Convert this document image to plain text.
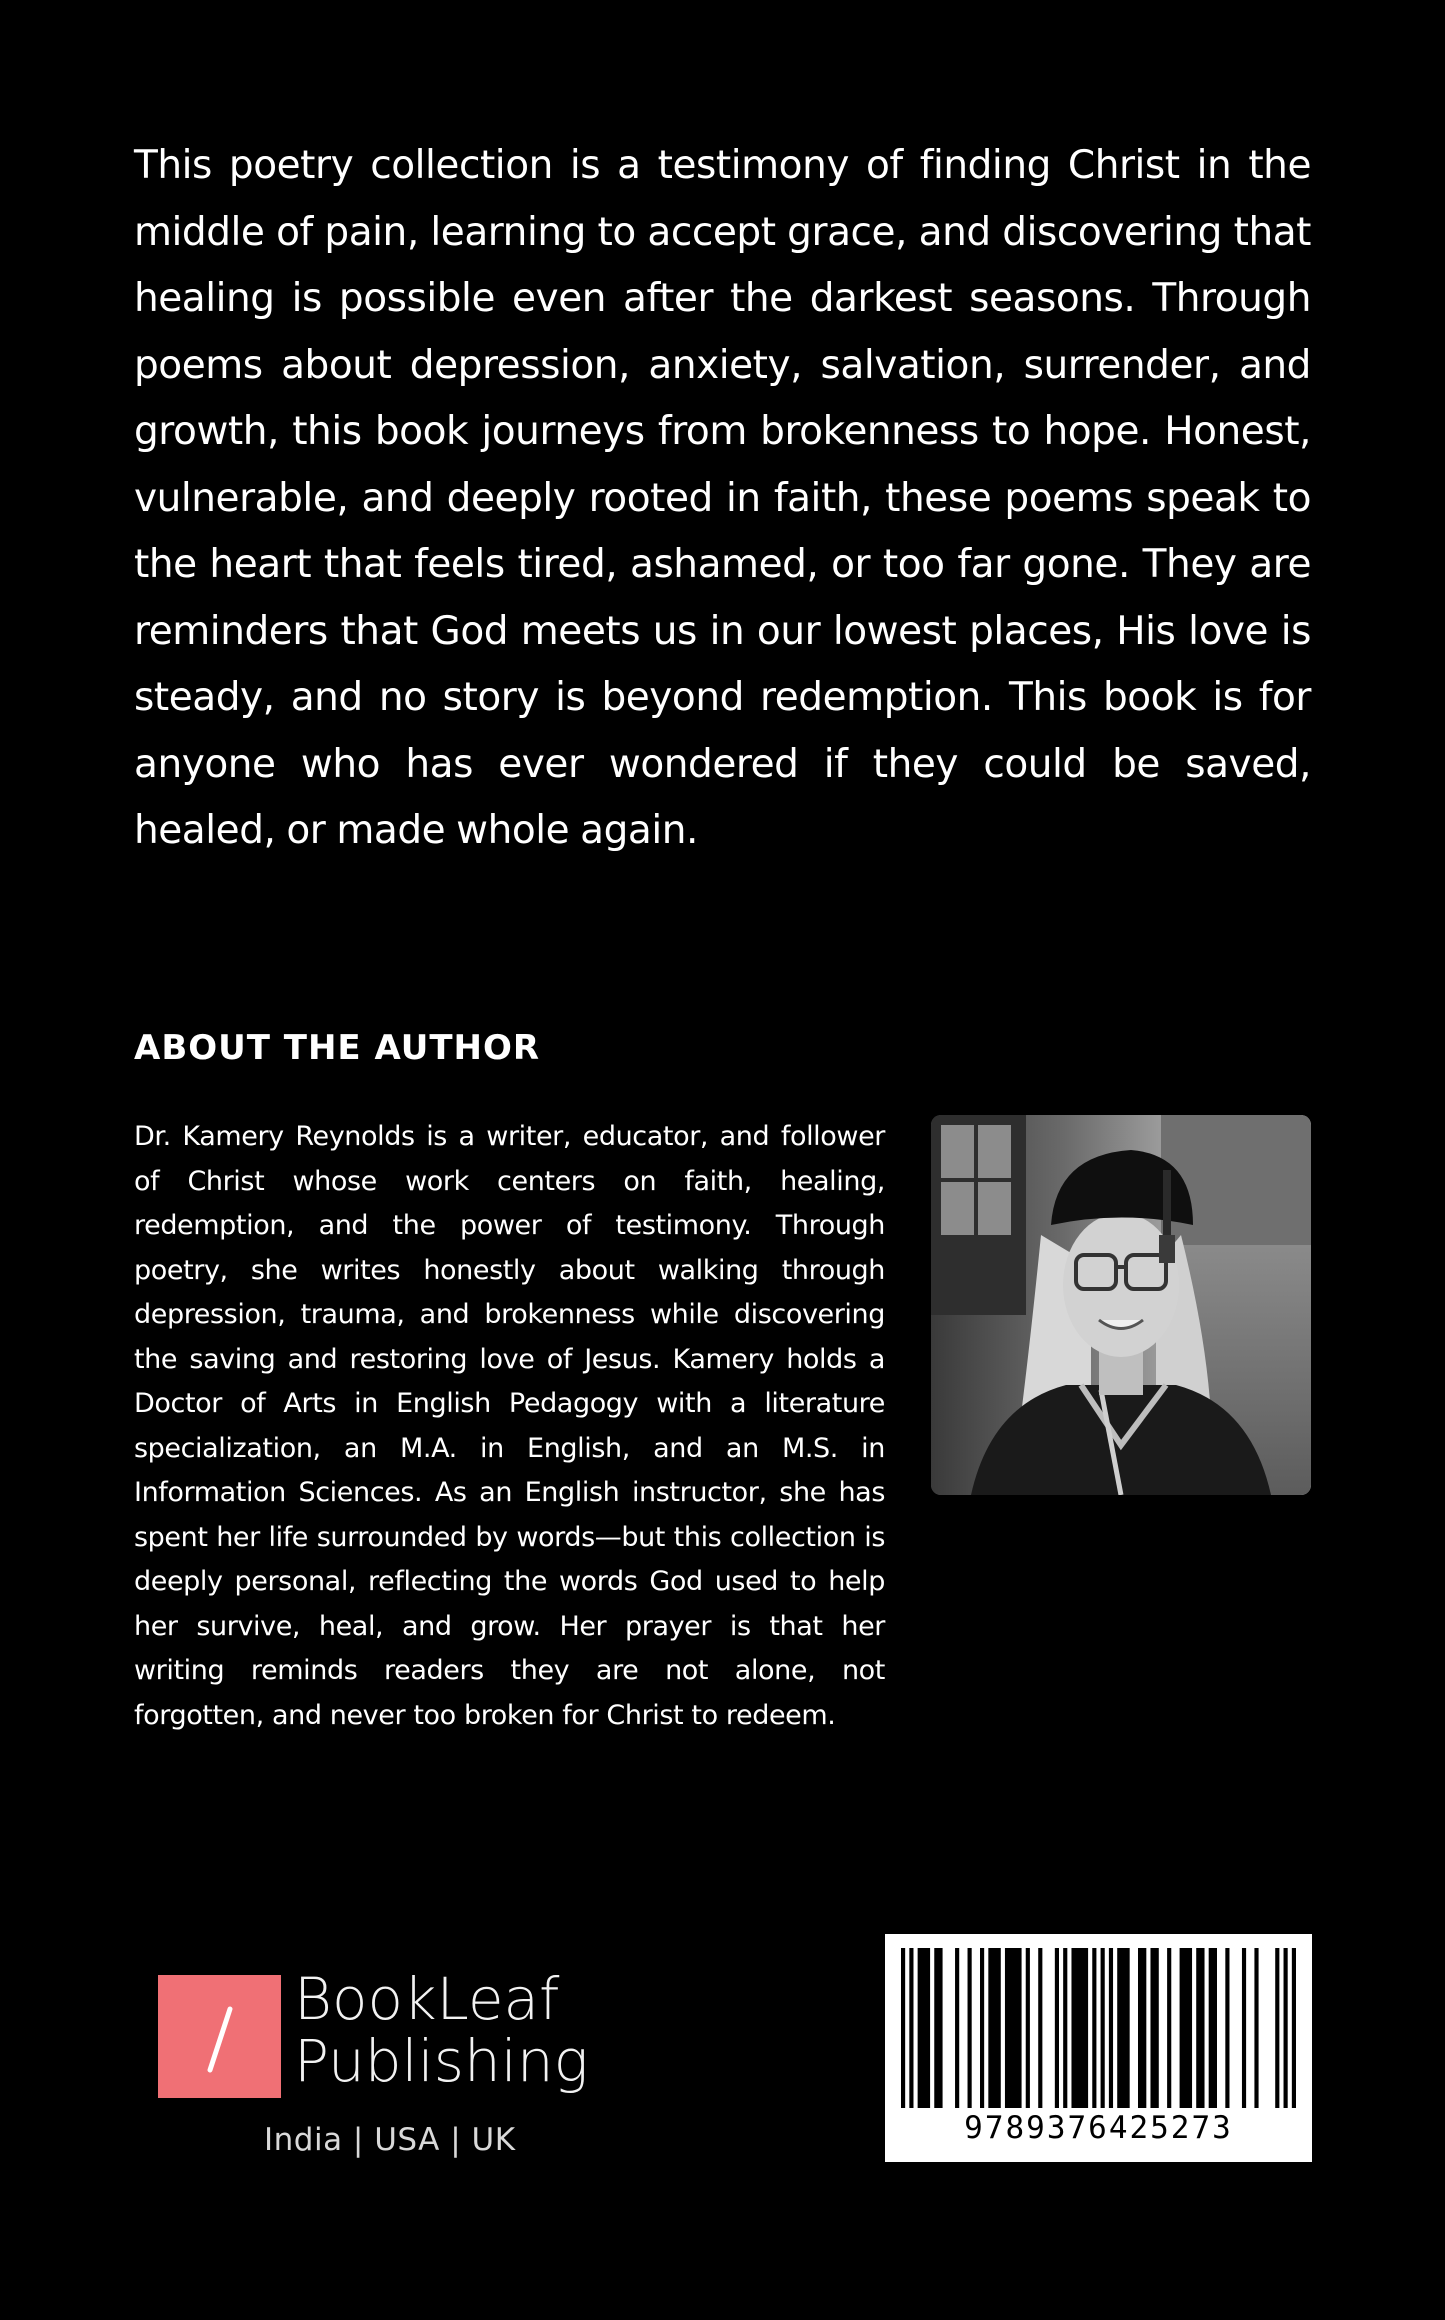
This poetry collection is a testimony of finding Christ in the middle of pain, learning to accept grace, and discovering that healing is possible even after the darkest seasons. Through poems about depression, anxiety, salvation, surrender, and growth, this book journeys from brokenness to hope. Honest, vulnerable, and deeply rooted in faith, these poems speak to the heart that feels tired, ashamed, or too far gone. They are reminders that God meets us in our lowest places, His love is steady, and no story is beyond redemption. This book is for anyone who has ever wondered if they could be saved, healed, or made whole again.

ABOUT THE AUTHOR

Dr. Kamery Reynolds is a writer, educator, and follower of Christ whose work centers on faith, healing, redemption, and the power of testimony. Through poetry, she writes honestly about walking through depression, trauma, and brokenness while discovering the saving and restoring love of Jesus. Kamery holds a Doctor of Arts in English Pedagogy with a literature specialization, an M.A. in English, and an M.S. in Information Sciences. As an English instructor, she has spent her life surrounded by words—but this collection is deeply personal, reflecting the words God used to help her survive, heal, and grow. Her prayer is that her writing reminds readers they are not alone, not forgotten, and never too broken for Christ to redeem.

BookLeaf
Publishing
India | USA | UK	9789376425273
